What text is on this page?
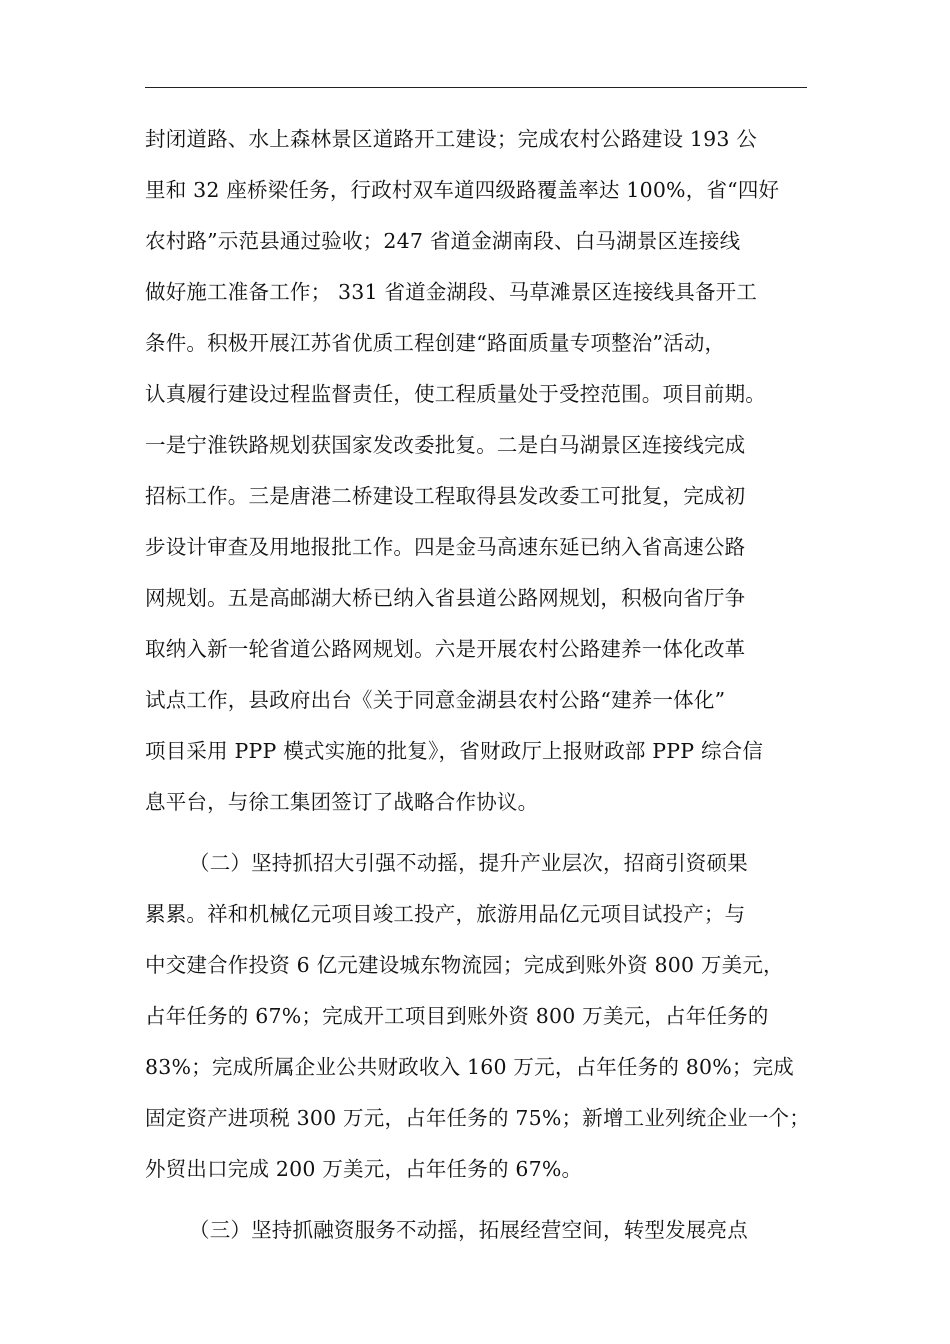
封闭道路、水上森林景区道路开工建设；完成农村公路建设 193 公
里和 32 座桥梁任务，行政村双车道四级路覆盖率达 100%，省“四好
农村路”示范县通过验收；247 省道金湖南段、白马湖景区连接线
做好施工准备工作； 331 省道金湖段、马草滩景区连接线具备开工
条件。积极开展江苏省优质工程创建“路面质量专项整治”活动，
认真履行建设过程监督责任，使工程质量处于受控范围。项目前期。
一是宁淮铁路规划获国家发改委批复。二是白马湖景区连接线完成
招标工作。三是唐港二桥建设工程取得县发改委工可批复，完成初
步设计审查及用地报批工作。四是金马高速东延已纳入省高速公路
网规划。五是高邮湖大桥已纳入省县道公路网规划，积极向省厅争
取纳入新一轮省道公路网规划。六是开展农村公路建养一体化改革
试点工作，县政府出台《关于同意金湖县农村公路“建养一体化”
项目采用 PPP 模式实施的批复》，省财政厅上报财政部 PPP 综合信
息平台，与徐工集团签订了战略合作协议。
（二）坚持抓招大引强不动摇，提升产业层次，招商引资硕果
累累。祥和机械亿元项目竣工投产，旅游用品亿元项目试投产；与
中交建合作投资 6 亿元建设城东物流园；完成到账外资 800 万美元，
占年任务的 67%；完成开工项目到账外资 800 万美元，占年任务的
83%；完成所属企业公共财政收入 160 万元，占年任务的 80%；完成
固定资产进项税 300 万元，占年任务的 75%；新增工业列统企业一个；
外贸出口完成 200 万美元，占年任务的 67%。
（三）坚持抓融资服务不动摇，拓展经营空间，转型发展亮点
